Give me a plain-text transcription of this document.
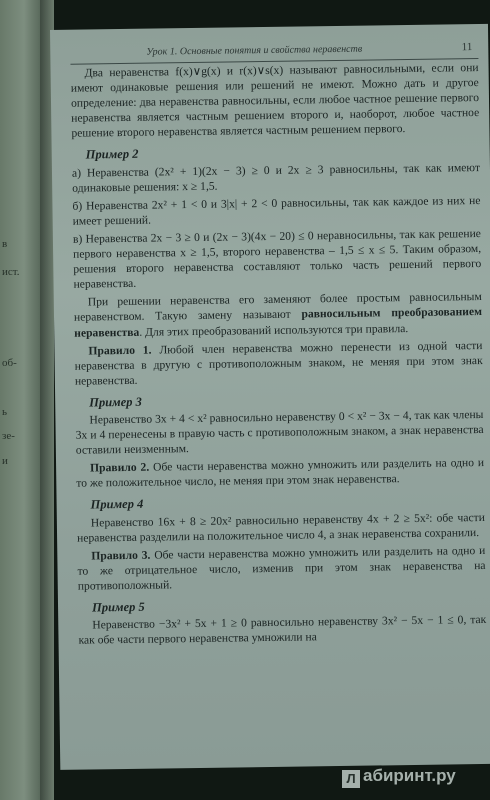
в
ист.
об-
ь
зе-
и
Урок 1. Основные понятия и свойства неравенств	11

Два неравенства f(x)∨g(x) и r(x)∨s(x) называют равносильными, если они имеют одинаковые решения или решений не имеют. Можно дать и другое определение: два неравенства равносильны, если любое частное решение первого неравенства является частным решением второго и, наоборот, любое частное решение второго неравенства является частным решением первого.

Пример 2

а) Неравенства (2x² + 1)(2x − 3) ≥ 0 и 2x ≥ 3 равносильны, так как имеют одинаковые решения: x ≥ 1,5.

б) Неравенства 2x² + 1 < 0 и 3|x| + 2 < 0 равносильны, так как каждое из них не имеет решений.

в) Неравенства 2x − 3 ≥ 0 и (2x − 3)(4x − 20) ≤ 0 неравносильны, так как решение первого неравенства x ≥ 1,5, второго неравенства – 1,5 ≤ x ≤ 5. Таким образом, решения второго неравенства составляют только часть решений первого неравенства.

При решении неравенства его заменяют более простым равносильным неравенством. Такую замену называют равносильным преобразованием неравенства. Для этих преобразований используются три правила.

Правило 1. Любой член неравенства можно перенести из одной части неравенства в другую с противоположным знаком, не меняя при этом знак неравенства.

Пример 3

Неравенство 3x + 4 < x² равносильно неравенству 0 < x² − 3x − 4, так как члены 3x и 4 перенесены в правую часть с противоположным знаком, а знак неравенства оставили неизменным.

Правило 2. Обе части неравенства можно умножить или разделить на одно и то же положительное число, не меняя при этом знак неравенства.

Пример 4

Неравенство 16x + 8 ≥ 20x² равносильно неравенству 4x + 2 ≥ 5x²: обе части неравенства разделили на положительное число 4, а знак неравенства сохранили.

Правило 3. Обе части неравенства можно умножить или разделить на одно и то же отрицательное число, изменив при этом знак неравенства на противоположный.

Пример 5

Неравенство −3x² + 5x + 1 ≥ 0 равносильно неравенству 3x² − 5x − 1 ≤ 0, так как обе части первого неравенства умножили на

Л абиринт.ру
